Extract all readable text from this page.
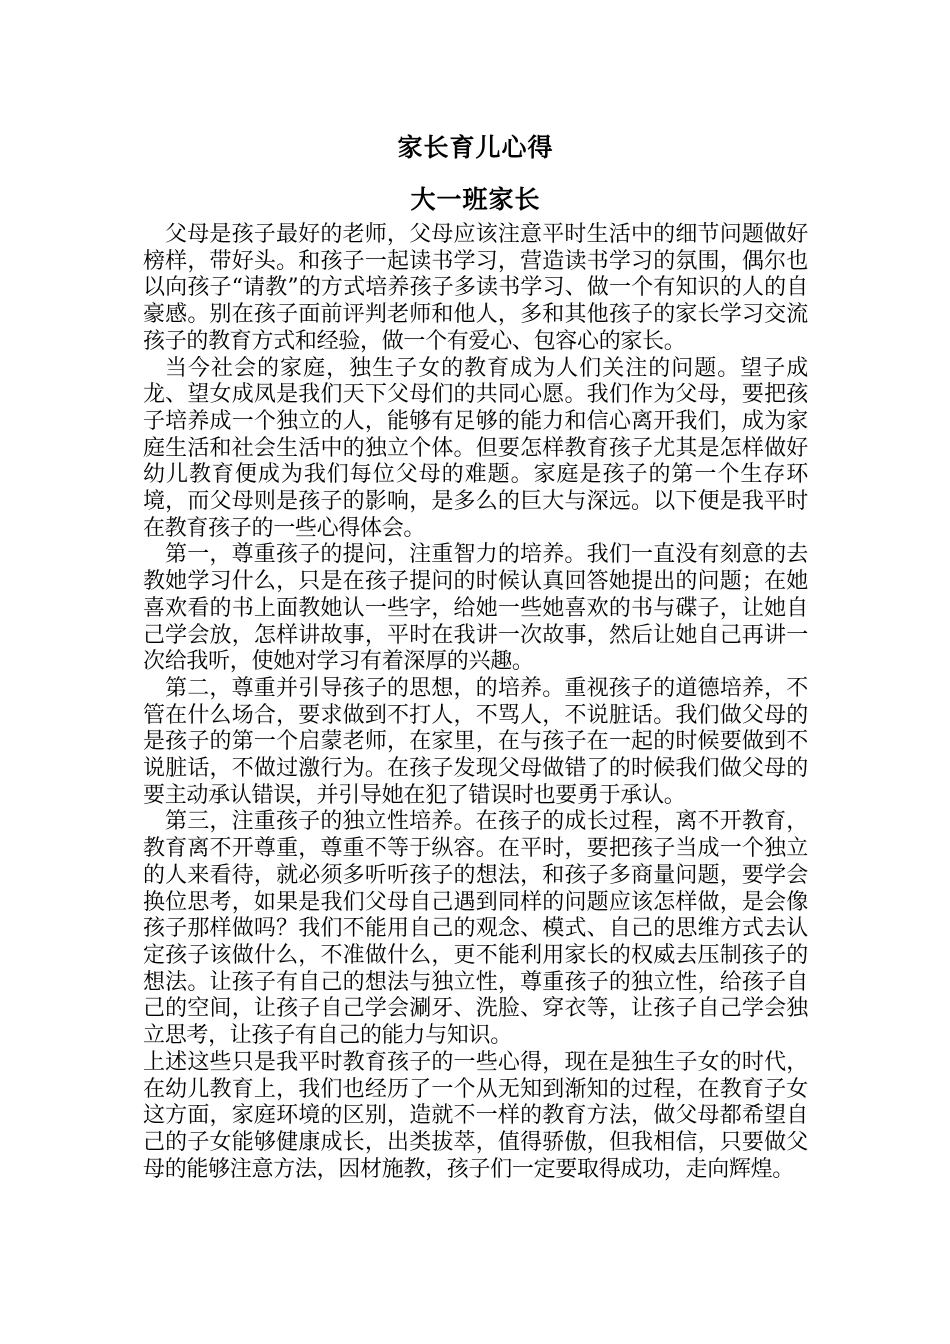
家长育儿心得
大一班家长

父母是孩子最好的老师，父母应该注意平时生活中的细节问题做好榜样，带好头。和孩子一起读书学习，营造读书学习的氛围，偶尔也以向孩子“请教”的方式培养孩子多读书学习、做一个有知识的人的自豪感。别在孩子面前评判老师和他人，多和其他孩子的家长学习交流孩子的教育方式和经验，做一个有爱心、包容心的家长。

当今社会的家庭，独生子女的教育成为人们关注的问题。望子成龙、望女成凤是我们天下父母们的共同心愿。我们作为父母，要把孩子培养成一个独立的人，能够有足够的能力和信心离开我们，成为家庭生活和社会生活中的独立个体。但要怎样教育孩子尤其是怎样做好幼儿教育便成为我们每位父母的难题。家庭是孩子的第一个生存环境，而父母则是孩子的影响，是多么的巨大与深远。以下便是我平时在教育孩子的一些心得体会。

第一，尊重孩子的提问，注重智力的培养。我们一直没有刻意的去教她学习什么，只是在孩子提问的时候认真回答她提出的问题；在她喜欢看的书上面教她认一些字，给她一些她喜欢的书与碟子，让她自己学会放，怎样讲故事，平时在我讲一次故事，然后让她自己再讲一次给我听，使她对学习有着深厚的兴趣。

第二，尊重并引导孩子的思想，的培养。重视孩子的道德培养，不管在什么场合，要求做到不打人，不骂人，不说脏话。我们做父母的是孩子的第一个启蒙老师，在家里，在与孩子在一起的时候要做到不说脏话，不做过激行为。在孩子发现父母做错了的时候我们做父母的要主动承认错误，并引导她在犯了错误时也要勇于承认。

第三，注重孩子的独立性培养。在孩子的成长过程，离不开教育，教育离不开尊重，尊重不等于纵容。在平时，要把孩子当成一个独立的人来看待，就必须多听听孩子的想法，和孩子多商量问题，要学会换位思考，如果是我们父母自己遇到同样的问题应该怎样做，是会像孩子那样做吗？我们不能用自己的观念、模式、自己的思维方式去认定孩子该做什么，不准做什么，更不能利用家长的权威去压制孩子的想法。让孩子有自己的想法与独立性，尊重孩子的独立性，给孩子自己的空间，让孩子自己学会涮牙、洗脸、穿衣等，让孩子自己学会独立思考，让孩子有自己的能力与知识。

上述这些只是我平时教育孩子的一些心得，现在是独生子女的时代，在幼儿教育上，我们也经历了一个从无知到渐知的过程，在教育子女这方面，家庭环境的区别，造就不一样的教育方法，做父母都希望自己的子女能够健康成长，出类拔萃，值得骄傲，但我相信，只要做父母的能够注意方法，因材施教，孩子们一定要取得成功，走向辉煌。
